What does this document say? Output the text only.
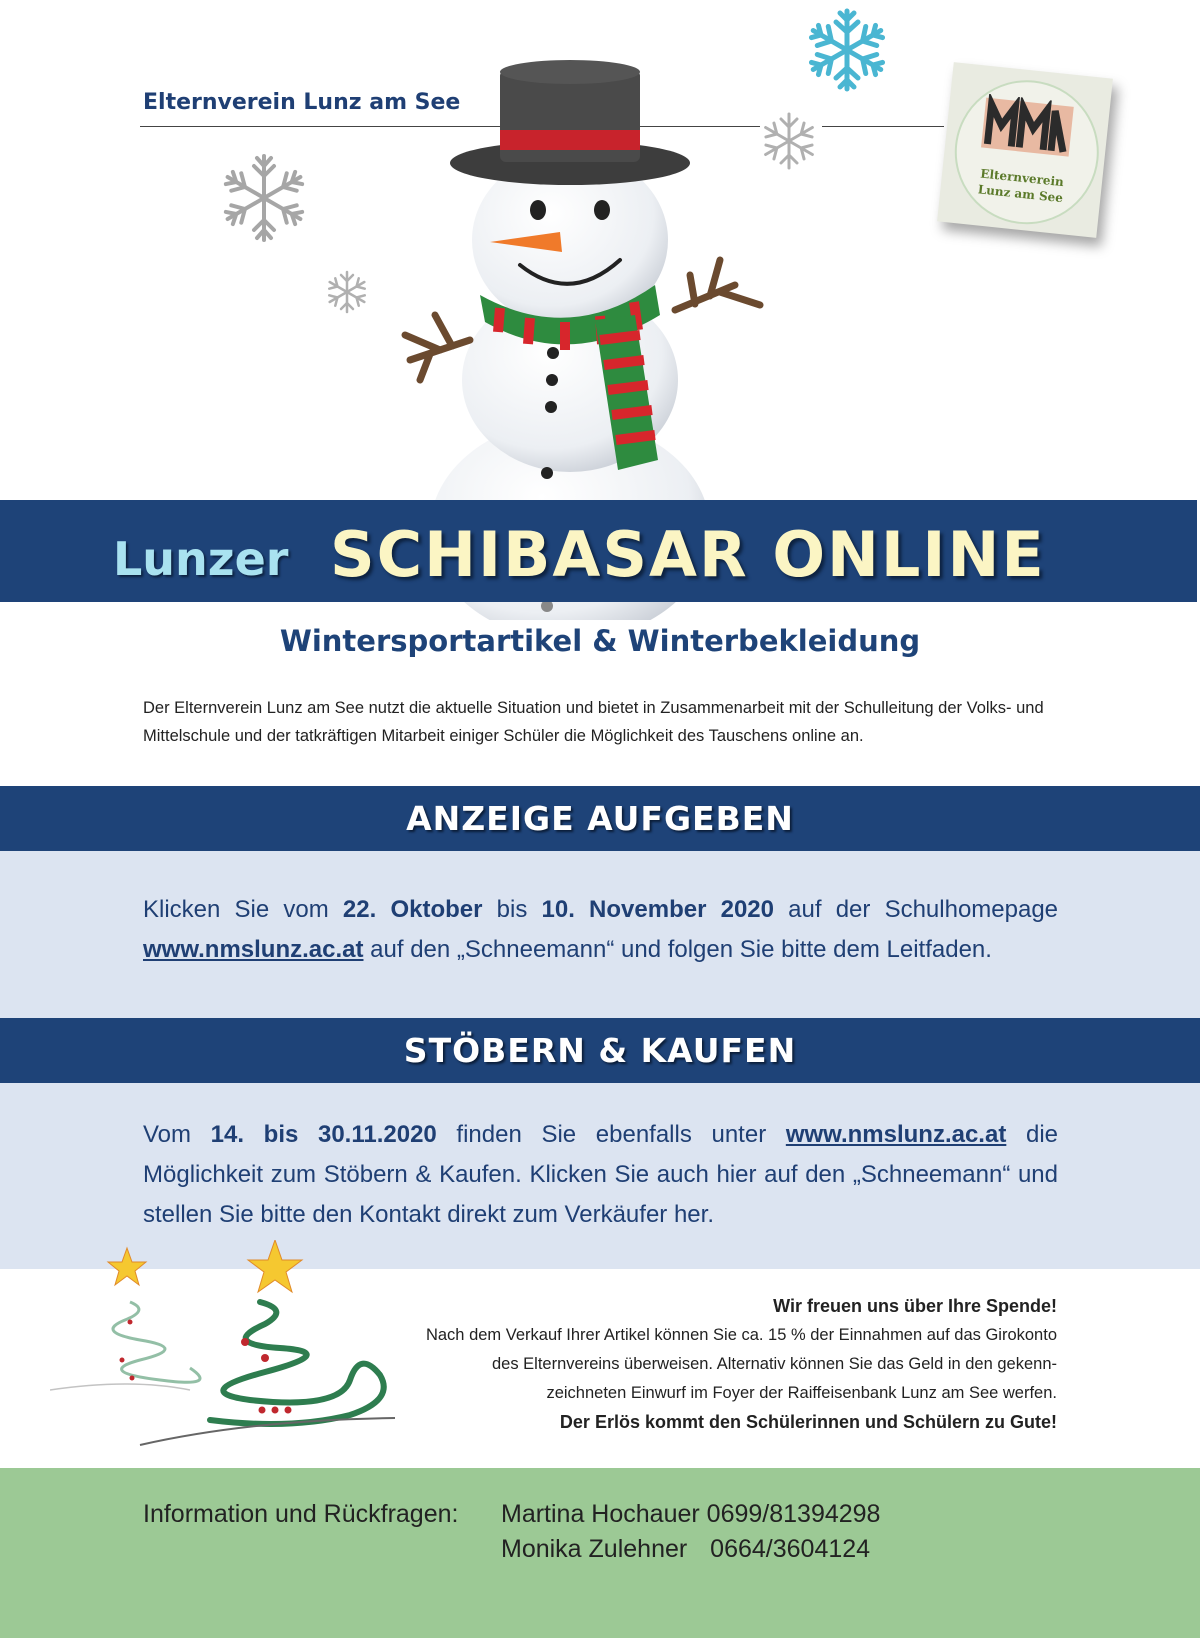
Elternverein Lunz am See
Elternverein
Lunz am See
Lunzer SCHIBASAR ONLINE
Wintersportartikel & Winterbekleidung
Der Elternverein Lunz am See nutzt die aktuelle Situation und bietet in Zusammenarbeit mit der Schulleitung der Volks- und Mittelschule und der tatkräftigen Mitarbeit einiger Schüler die Möglichkeit des Tauschens online an.
ANZEIGE AUFGEBEN
Klicken Sie vom 22. Oktober bis 10. November 2020 auf der Schulhomepage www.nmslunz.ac.at auf den „Schneemann“ und folgen Sie bitte dem Leitfaden.
STÖBERN & KAUFEN
Vom 14. bis 30.11.2020 finden Sie ebenfalls unter www.nmslunz.ac.at die Möglichkeit zum Stöbern & Kaufen. Klicken Sie auch hier auf den „Schneemann“ und stellen Sie bitte den Kontakt direkt zum Verkäufer her.
Wir freuen uns über Ihre Spende!
Nach dem Verkauf Ihrer Artikel können Sie ca. 15 % der Einnahmen auf das Girokonto
des Elternvereins überweisen. Alternativ können Sie das Geld in den gekenn-
zeichneten Einwurf im Foyer der Raiffeisenbank Lunz am See werfen.
Der Erlös kommt den Schülerinnen und Schülern zu Gute!
Information und Rückfragen: Martina Hochauer 0699/81394298
Monika Zulehner 0664/3604124
